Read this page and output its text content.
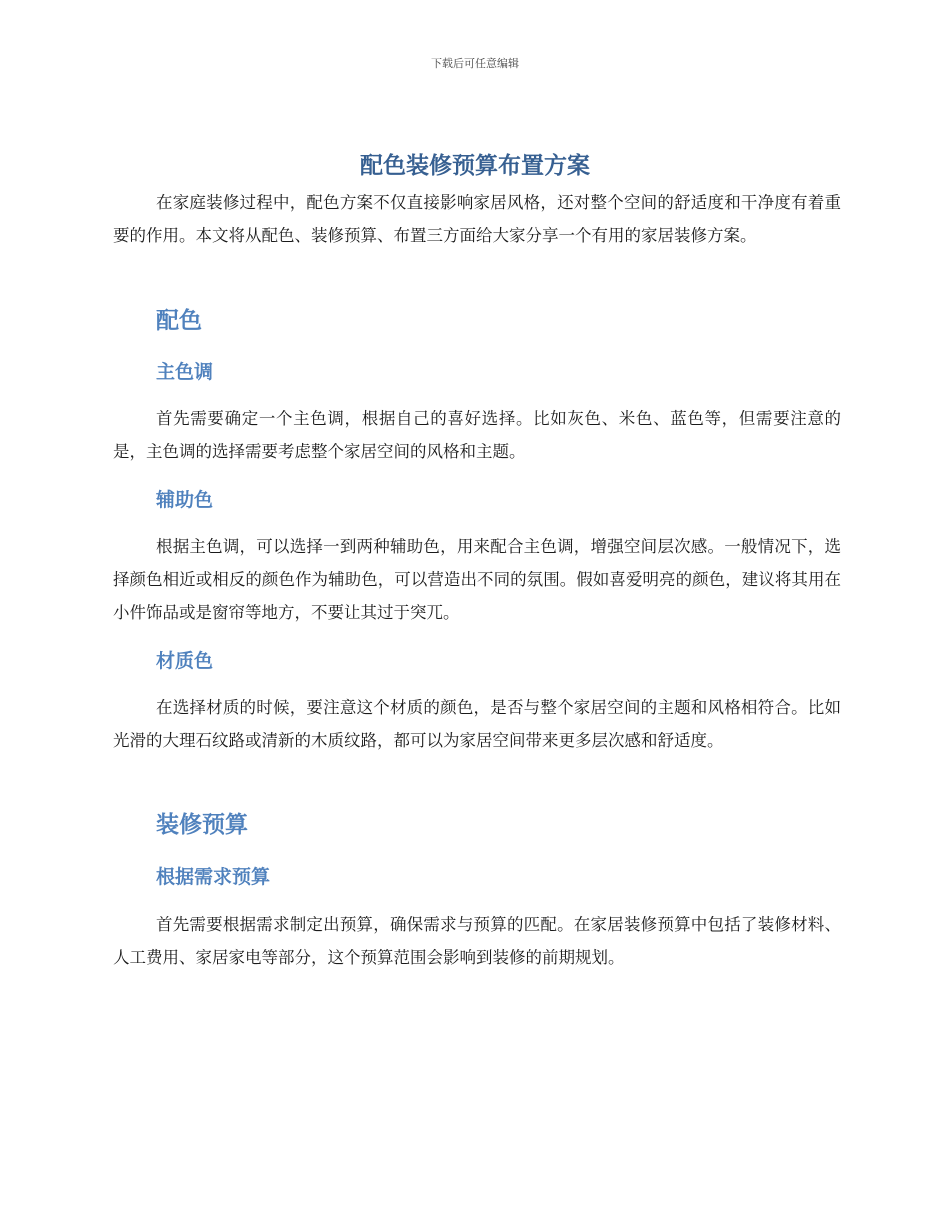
下载后可任意编辑
配色装修预算布置方案

在家庭装修过程中，配色方案不仅直接影响家居风格，还对整个空间的舒适度和干净度有着重要的作用。本文将从配色、装修预算、布置三方面给大家分享一个有用的家居装修方案。

配色
主色调

首先需要确定一个主色调，根据自己的喜好选择。比如灰色、米色、蓝色等，但需要注意的是，主色调的选择需要考虑整个家居空间的风格和主题。

辅助色

根据主色调，可以选择一到两种辅助色，用来配合主色调，增强空间层次感。一般情况下，选择颜色相近或相反的颜色作为辅助色，可以营造出不同的氛围。假如喜爱明亮的颜色，建议将其用在小件饰品或是窗帘等地方，不要让其过于突兀。

材质色

在选择材质的时候，要注意这个材质的颜色，是否与整个家居空间的主题和风格相符合。比如光滑的大理石纹路或清新的木质纹路，都可以为家居空间带来更多层次感和舒适度。

装修预算
根据需求预算

首先需要根据需求制定出预算，确保需求与预算的匹配。在家居装修预算中包括了装修材料、人工费用、家居家电等部分，这个预算范围会影响到装修的前期规划。
